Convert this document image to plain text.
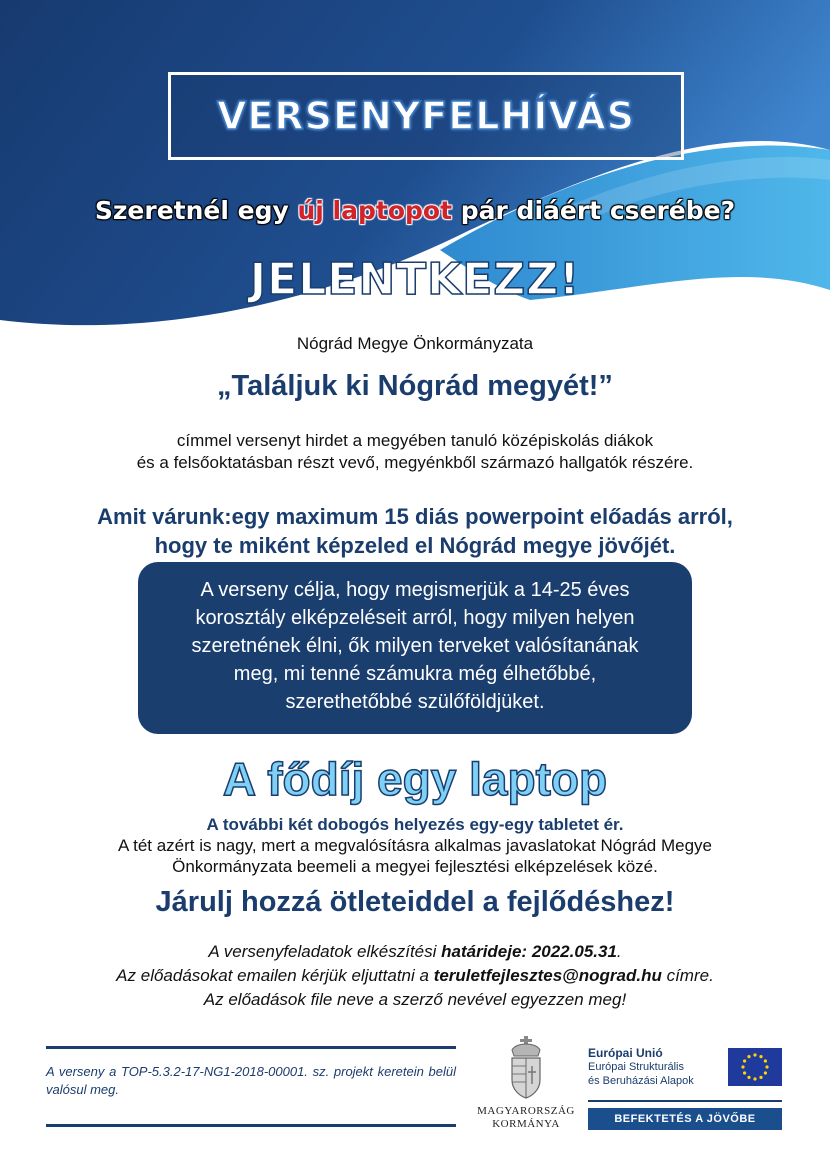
VERSENYFELHÍVÁS
Szeretnél egy új laptopot pár diáért cserébe?
JELENTKEZZ!
Nógrád Megye Önkormányzata
„Találjuk ki Nógrád megyét!”
címmel versenyt hirdet a megyében tanuló középiskolás diákok
és a felsőoktatásban részt vevő, megyénkből származó hallgatók részére.
Amit várunk:egy maximum 15 diás powerpoint előadás arról,
hogy te miként képzeled el Nógrád megye jövőjét.
A verseny célja, hogy megismerjük a 14-25 éves
korosztály elképzeléseit arról, hogy milyen helyen
szeretnének élni, ők milyen terveket valósítanának
meg, mi tenné számukra még élhetőbbé,
szerethetőbbé szülőföldjüket.
A fődíj egy laptop
A további két dobogós helyezés egy-egy tabletet ér.
A tét azért is nagy, mert a megvalósításra alkalmas javaslatokat Nógrád Megye
Önkormányzata beemeli a megyei fejlesztési elképzelések közé.
Járulj hozzá ötleteiddel a fejlődéshez!
A versenyfeladatok elkészítési határideje: 2022.05.31.
Az előadásokat emailen kérjük eljuttatni a teruletfejlesztes@nograd.hu címre.
Az előadások file neve a szerző nevével egyezzen meg!
A verseny a TOP-5.3.2-17-NG1-2018-00001. sz. projekt keretein belül valósul meg.
MAGYARORSZÁG
KORMÁNYA
Európai Unió
Európai Strukturális
és Beruházási Alapok
BEFEKTETÉS A JÖVŐBE
